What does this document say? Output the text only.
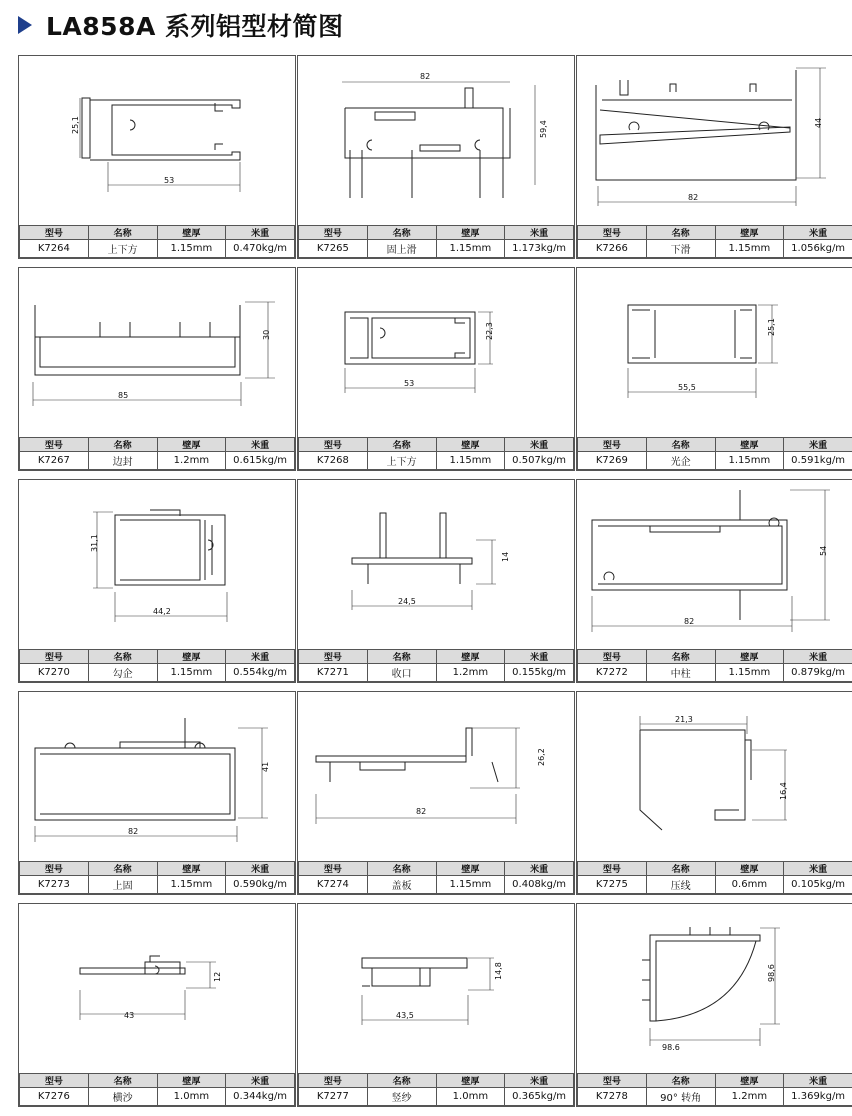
LA858A 系列铝型材简图
25,1
53
型号	名称	壁厚	米重
K7264	上下方	1.15mm	0.470kg/m
82
59,4
型号	名称	壁厚	米重
K7265	固上滑	1.15mm	1.173kg/m
44
82
型号	名称	壁厚	米重
K7266	下滑	1.15mm	1.056kg/m
30
85
型号	名称	壁厚	米重
K7267	边封	1.2mm	0.615kg/m
22,3
53
型号	名称	壁厚	米重
K7268	上下方	1.15mm	0.507kg/m
25,1
55,5
型号	名称	壁厚	米重
K7269	光企	1.15mm	0.591kg/m
31,1
44,2
型号	名称	壁厚	米重
K7270	勾企	1.15mm	0.554kg/m
14
24,5
型号	名称	壁厚	米重
K7271	收口	1.2mm	0.155kg/m
54
82
型号	名称	壁厚	米重
K7272	中柱	1.15mm	0.879kg/m
41
82
型号	名称	壁厚	米重
K7273	上固	1.15mm	0.590kg/m
26,2
82
型号	名称	壁厚	米重
K7274	盖板	1.15mm	0.408kg/m
21,3
16,4
型号	名称	壁厚	米重
K7275	压线	0.6mm	0.105kg/m
12
43
型号	名称	壁厚	米重
K7276	横沙	1.0mm	0.344kg/m
14,8
43,5
型号	名称	壁厚	米重
K7277	竖纱	1.0mm	0.365kg/m
98,6
98.6
型号	名称	壁厚	米重
K7278	90° 转角	1.2mm	1.369kg/m
